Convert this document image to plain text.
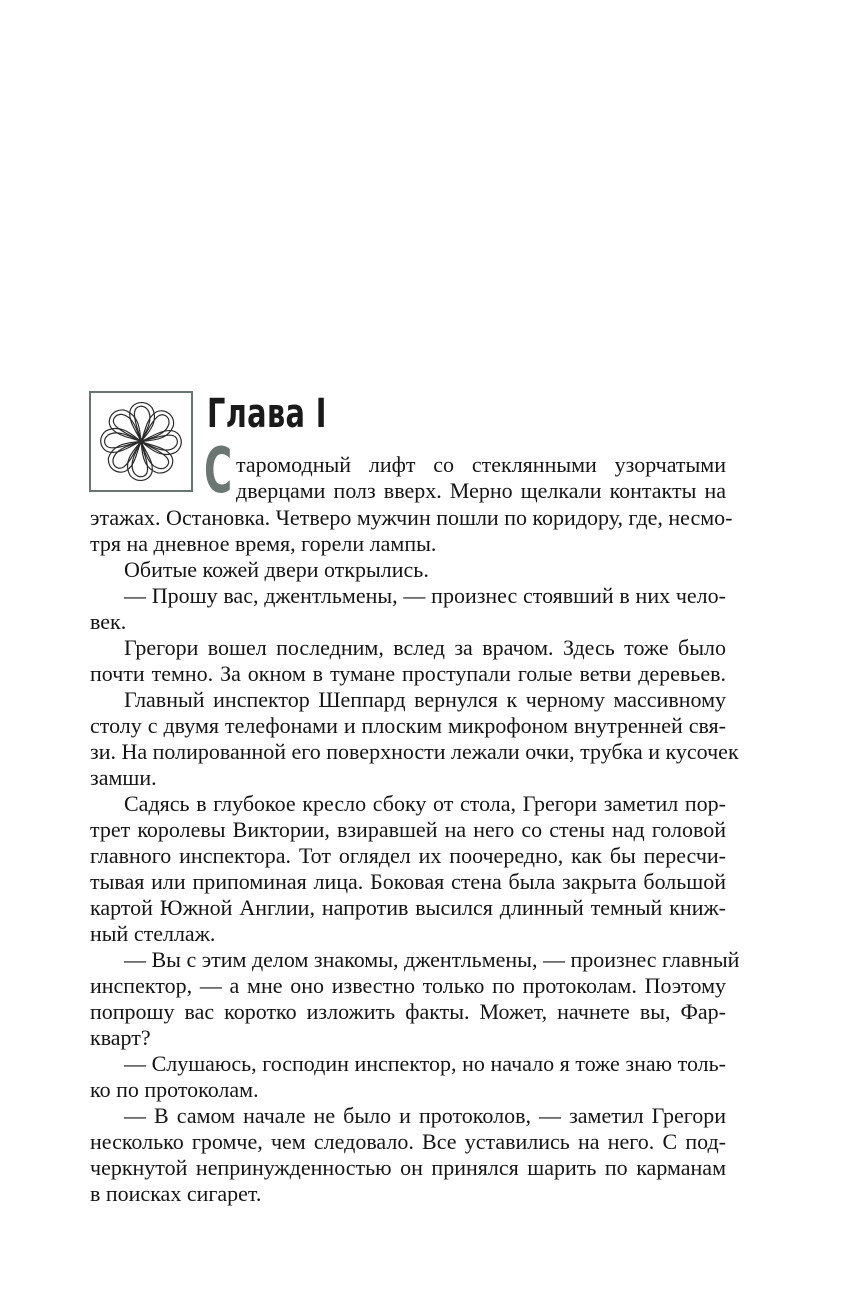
Глава I
С таромодный лифт со стеклянными узорчатыми

дверцами полз вверх. Мерно щелкали контакты на

этажах. Остановка. Четверо мужчин пошли по коридору, где, несмо-

тря на дневное время, горели лампы.

Обитые кожей двери открылись.

— Прошу вас, джентльмены, — произнес стоявший в них чело-

век.

Грегори вошел последним, вслед за врачом. Здесь тоже было

почти темно. За окном в тумане проступали голые ветви деревьев.

Главный инспектор Шеппард вернулся к черному массивному

столу с двумя телефонами и плоским микрофоном внутренней свя-

зи. На полированной его поверхности лежали очки, трубка и кусочек

замши.

Садясь в глубокое кресло сбоку от стола, Грегори заметил пор-

трет королевы Виктории, взиравшей на него со стены над головой

главного инспектора. Тот оглядел их поочередно, как бы пересчи-

тывая или припоминая лица. Боковая стена была закрыта большой

картой Южной Англии, напротив высился длинный темный книж-

ный стеллаж.

— Вы с этим делом знакомы, джентльмены, — произнес главный

инспектор, — а мне оно известно только по протоколам. Поэтому

попрошу вас коротко изложить факты. Может, начнете вы, Фар-

кварт?

— Слушаюсь, господин инспектор, но начало я тоже знаю толь-

ко по протоколам.

— В самом начале не было и протоколов, — заметил Грегори

несколько громче, чем следовало. Все уставились на него. С под-

черкнутой непринужденностью он принялся шарить по карманам

в поисках сигарет.
